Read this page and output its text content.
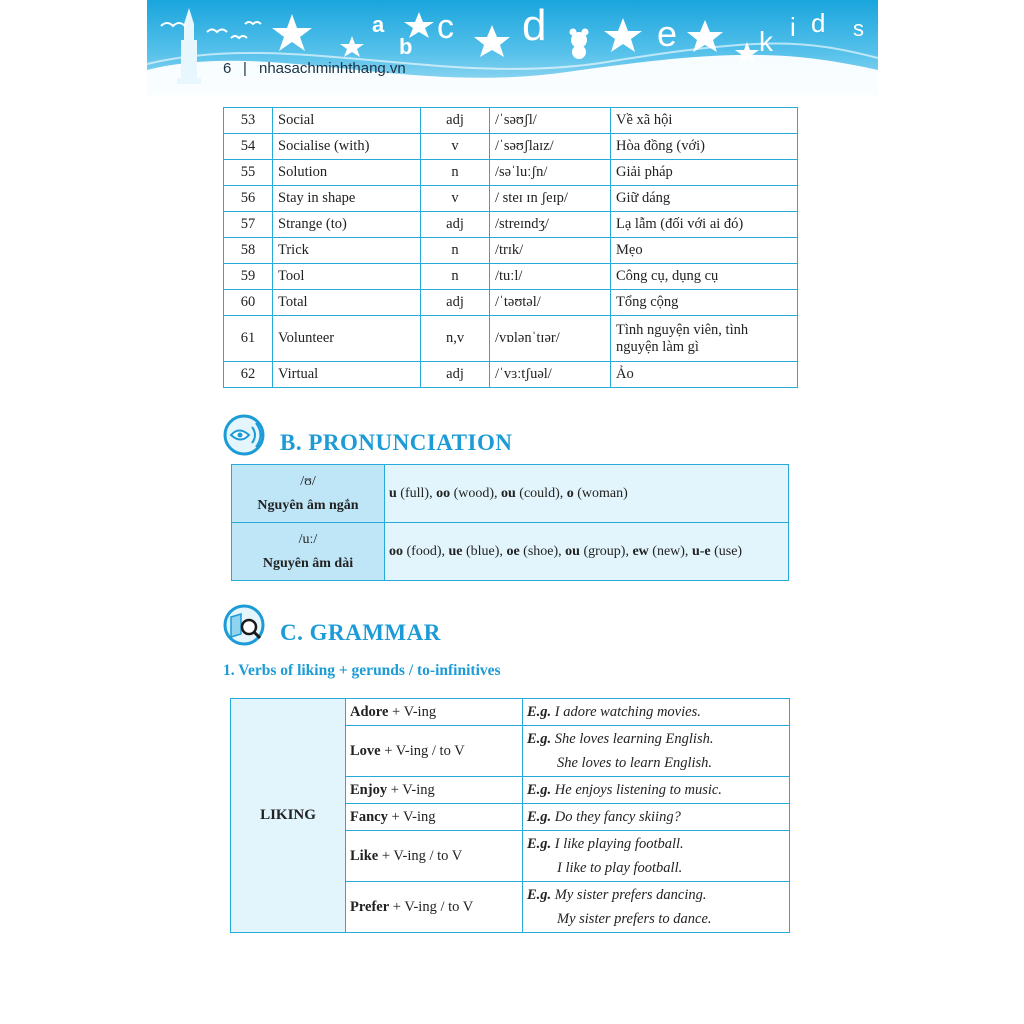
a
b
c d	e	k i d s
6 | nhasachminhthang.vn
53	Social	adj	/ˈsəʊʃl/	Về xã hội
54	Socialise (with)	v	/ˈsəʊʃlaɪz/	Hòa đồng (với)
55	Solution	n	/səˈluːʃn/	Giải pháp
56	Stay in shape	v	/ steɪ ɪn ʃeɪp/	Giữ dáng
57	Strange (to)	adj	/streɪndʒ/	Lạ lẫm (đối với ai đó)
58	Trick	n	/trɪk/	Mẹo
59	Tool	n	/tuːl/	Công cụ, dụng cụ
60	Total	adj	/ˈtəʊtəl/	Tổng cộng
61	Volunteer	n,v	/vɒlənˈtɪər/	Tình nguyện viên, tình nguyện làm gì
62	Virtual	adj	/ˈvɜːtʃuəl/	Ảo
B. PRONUNCIATION
/ʊ/
Nguyên âm ngắn	u (full), oo (wood), ou (could), o (woman)

/uː/
Nguyên âm dài	oo (food), ue (blue), oe (shoe), ou (group), ew (new), u-e (use)
C. GRAMMAR
1. Verbs of liking + gerunds / to-infinitives
LIKING	Adore + V-ing	E.g. I adore watching movies.

	Love + V-ing / to V	E.g. She loves learning English.
She loves to learn English.

	Enjoy + V-ing	E.g. He enjoys listening to music.

	Fancy + V-ing	E.g. Do they fancy skiing?

	Like + V-ing / to V	E.g. I like playing football.
I like to play football.

	Prefer + V-ing / to V	E.g. My sister prefers dancing.
My sister prefers to dance.
